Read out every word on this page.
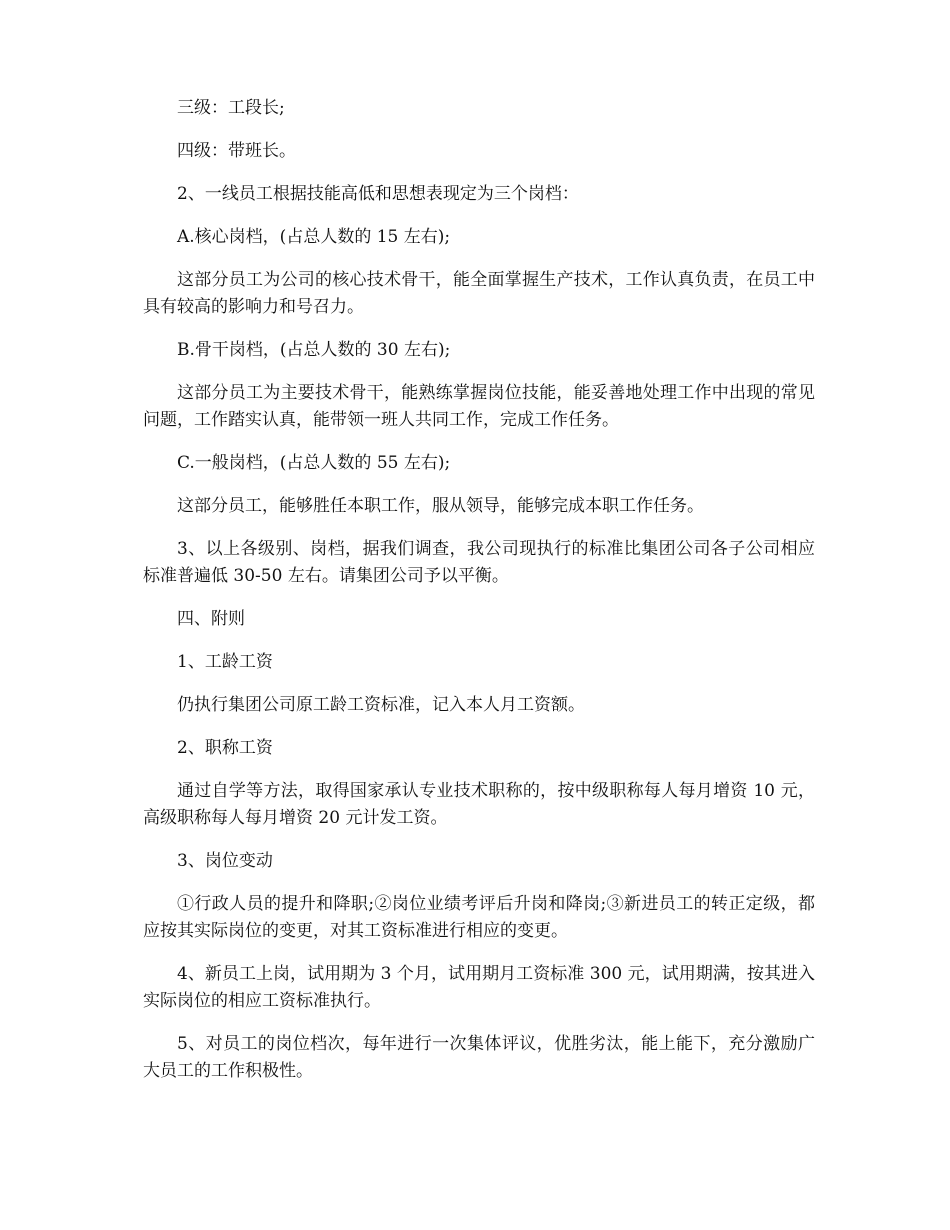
三级：工段长;

四级：带班长。

2、一线员工根据技能高低和思想表现定为三个岗档：

A.核心岗档，(占总人数的 15 左右);

这部分员工为公司的核心技术骨干，能全面掌握生产技术，工作认真负责，在员工中具有较高的影响力和号召力。

B.骨干岗档，(占总人数的 30 左右);

这部分员工为主要技术骨干，能熟练掌握岗位技能，能妥善地处理工作中出现的常见问题，工作踏实认真，能带领一班人共同工作，完成工作任务。

C.一般岗档，(占总人数的 55 左右);

这部分员工，能够胜任本职工作，服从领导，能够完成本职工作任务。

3、以上各级别、岗档，据我们调查，我公司现执行的标准比集团公司各子公司相应标准普遍低 30-50 左右。请集团公司予以平衡。

四、附则

1、工龄工资

仍执行集团公司原工龄工资标准，记入本人月工资额。

2、职称工资

通过自学等方法，取得国家承认专业技术职称的，按中级职称每人每月增资 10 元，高级职称每人每月增资 20 元计发工资。

3、岗位变动

①行政人员的提升和降职;②岗位业绩考评后升岗和降岗;③新进员工的转正定级，都应按其实际岗位的变更，对其工资标准进行相应的变更。

4、新员工上岗，试用期为 3 个月，试用期月工资标准 300 元，试用期满，按其进入实际岗位的相应工资标准执行。

5、对员工的岗位档次，每年进行一次集体评议，优胜劣汰，能上能下，充分激励广大员工的工作积极性。
